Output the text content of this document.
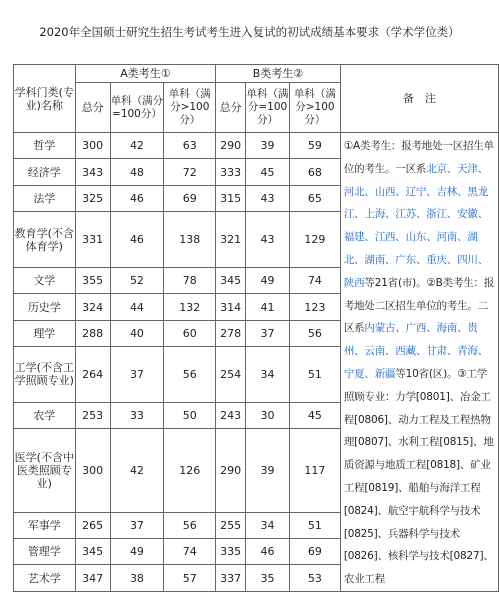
2020年全国硕士研究生招生考试考生进入复试的初试成绩基本要求（学术学位类）
学科门类(专业)名称	A类考生①			B类考生②			备　注
	总分	单科（满分=100分）	单科（满分>100分）	总分	单科（满分=100分）	单科（满分>100分）	
哲学	300	42	63	290	39	59	①A类考生：报考地处一区招生单位的考生。一区系北京、天津、河北、山西、辽宁、吉林、黑龙江、上海、江苏、浙江、安徽、福建、江西、山东、河南、湖北、湖南、广东、重庆、四川、陕西等21省(市)。②B类考生：报考地处二区招生单位的考生。二区系内蒙古、广西、海南、贵州、云南、西藏、甘肃、青海、宁夏、新疆等10省(区)。③工学照顾专业：力学[0801]、冶金工程[0806]、动力工程及工程热物理[0807]、水利工程[0815]、地质资源与地质工程[0818]、矿业工程[0819]、船舶与海洋工程[0824]、航空宇航科学与技术[0825]、兵器科学与技术[0826]、核科学与技术[0827]、农业工程
经济学	343	48	72	333	45	68	
法学	325	46	69	315	43	65	
教育学(不含体育学)	331	46	138	321	43	129	
文学	355	52	78	345	49	74	
历史学	324	44	132	314	41	123	
理学	288	40	60	278	37	56	
工学(不含工学照顾专业)	264	37	56	254	34	51	
农学	253	33	50	243	30	45	
医学(不含中医类照顾专业)	300	42	126	290	39	117	
军事学	265	37	56	255	34	51	
管理学	345	49	74	335	46	69	
艺术学	347	38	57	337	35	53	
